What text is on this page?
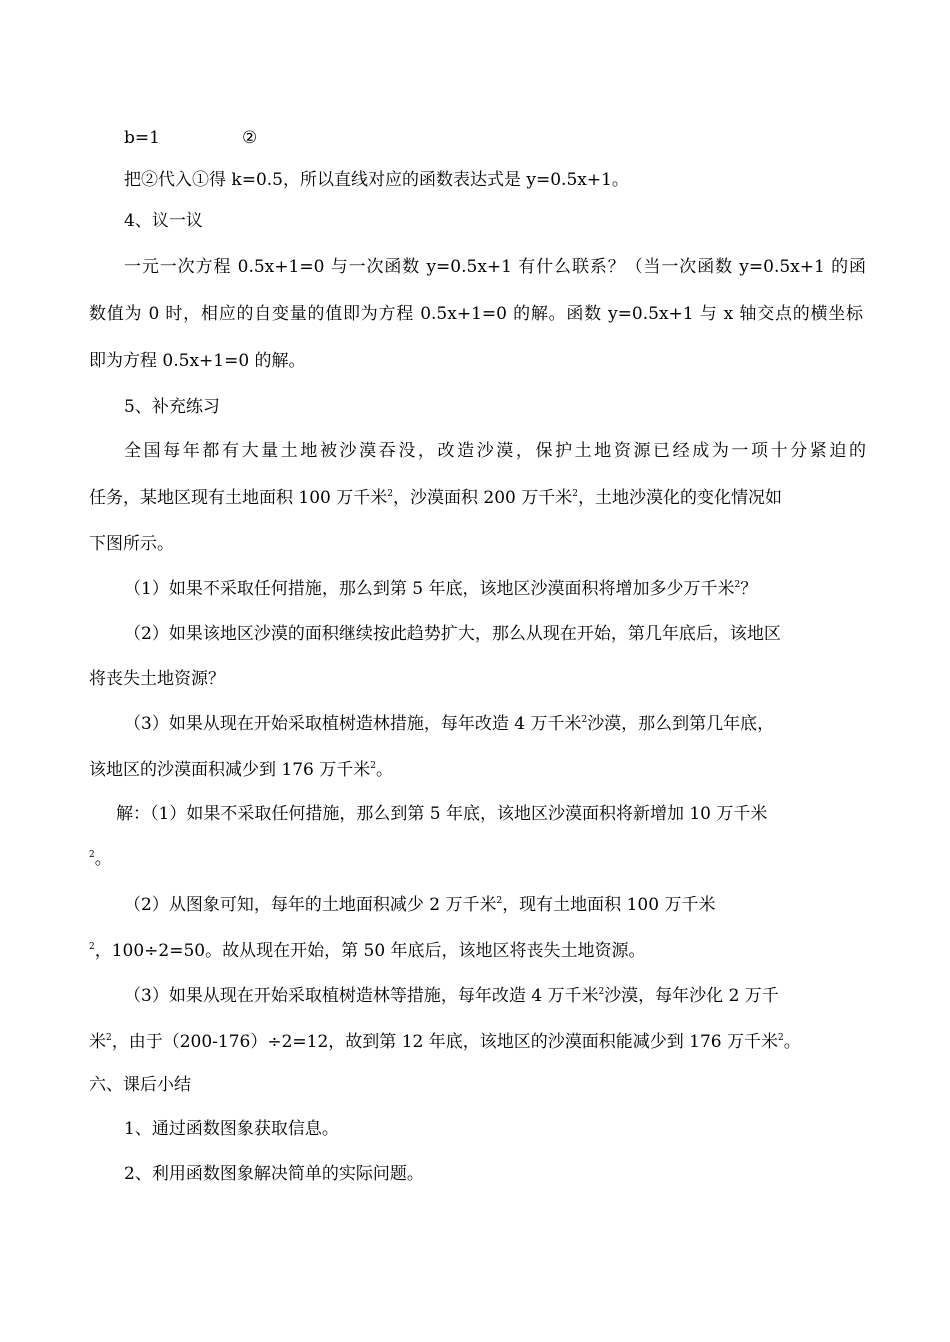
b=1	②
把②代入①得 k=0.5，所以直线对应的函数表达式是 y=0.5x+1。
4、议一议
一元一次方程 0.5x+1=0 与一次函数 y=0.5x+1 有什么联系？（当一次函数 y=0.5x+1 的函
数值为 0 时，相应的自变量的值即为方程 0.5x+1=0 的解。函数 y=0.5x+1 与 x 轴交点的横坐标
即为方程 0.5x+1=0 的解。
5、补充练习
全国每年都有大量土地被沙漠吞没，改造沙漠，保护土地资源已经成为一项十分紧迫的
任务，某地区现有土地面积 100 万千米$^2$，沙漠面积 200 万千米$^2$，土地沙漠化的变化情况如
下图所示。
（1）如果不采取任何措施，那么到第 5 年底，该地区沙漠面积将增加多少万千米$^2$？
（2）如果该地区沙漠的面积继续按此趋势扩大，那么从现在开始，第几年底后，该地区
将丧失土地资源？
（3）如果从现在开始采取植树造林措施，每年改造 4 万千米$^2$沙漠，那么到第几年底，
该地区的沙漠面积减少到 176 万千米$^2$。
解：（1）如果不采取任何措施，那么到第 5 年底，该地区沙漠面积将新增加 10 万千米
$^2$。
（2）从图象可知，每年的土地面积减少 2 万千米$^2$，现有土地面积 100 万千米
$^2$，100÷2=50。故从现在开始，第 50 年底后，该地区将丧失土地资源。
（3）如果从现在开始采取植树造林等措施，每年改造 4 万千米$^2$沙漠，每年沙化 2 万千
米$^2$，由于（200-176）÷2=12，故到第 12 年底，该地区的沙漠面积能减少到 176 万千米$^2$。
六、课后小结
1、通过函数图象获取信息。
2、利用函数图象解决简单的实际问题。
